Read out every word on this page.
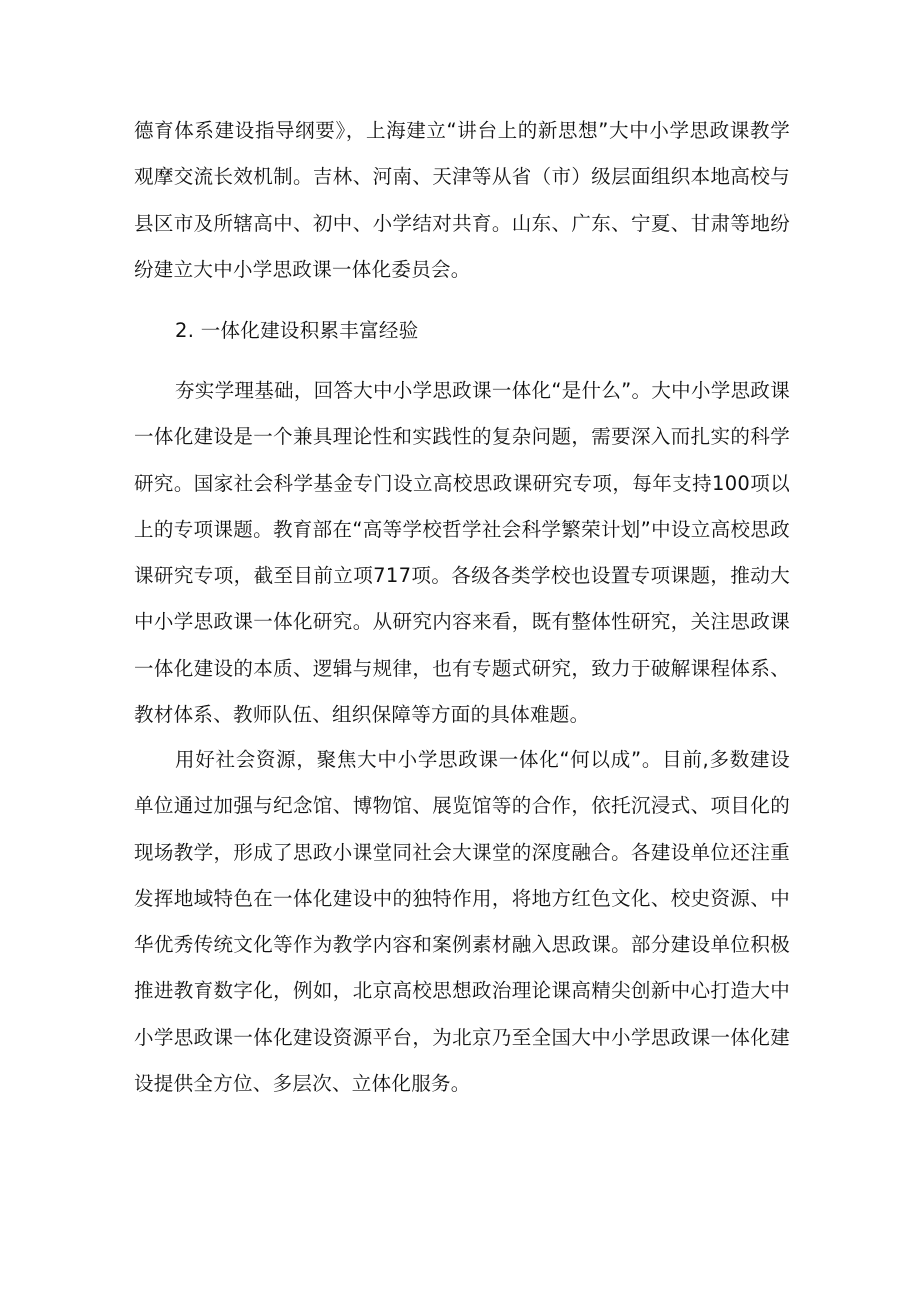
德育体系建设指导纲要》，上海建立“讲台上的新思想”大中小学思政课教学观摩交流长效机制。吉林、河南、天津等从省（市）级层面组织本地高校与县区市及所辖高中、初中、小学结对共育。山东、广东、宁夏、甘肃等地纷纷建立大中小学思政课一体化委员会。

2. 一体化建设积累丰富经验

夯实学理基础，回答大中小学思政课一体化“是什么”。大中小学思政课一体化建设是一个兼具理论性和实践性的复杂问题，需要深入而扎实的科学研究。国家社会科学基金专门设立高校思政课研究专项，每年支持100项以上的专项课题。教育部在“高等学校哲学社会科学繁荣计划”中设立高校思政课研究专项，截至目前立项717项。各级各类学校也设置专项课题，推动大中小学思政课一体化研究。从研究内容来看，既有整体性研究，关注思政课一体化建设的本质、逻辑与规律，也有专题式研究，致力于破解课程体系、教材体系、教师队伍、组织保障等方面的具体难题。

用好社会资源，聚焦大中小学思政课一体化“何以成”。目前,多数建设单位通过加强与纪念馆、博物馆、展览馆等的合作，依托沉浸式、项目化的现场教学，形成了思政小课堂同社会大课堂的深度融合。各建设单位还注重发挥地域特色在一体化建设中的独特作用，将地方红色文化、校史资源、中华优秀传统文化等作为教学内容和案例素材融入思政课。部分建设单位积极推进教育数字化，例如，北京高校思想政治理论课高精尖创新中心打造大中小学思政课一体化建设资源平台，为北京乃至全国大中小学思政课一体化建设提供全方位、多层次、立体化服务。
